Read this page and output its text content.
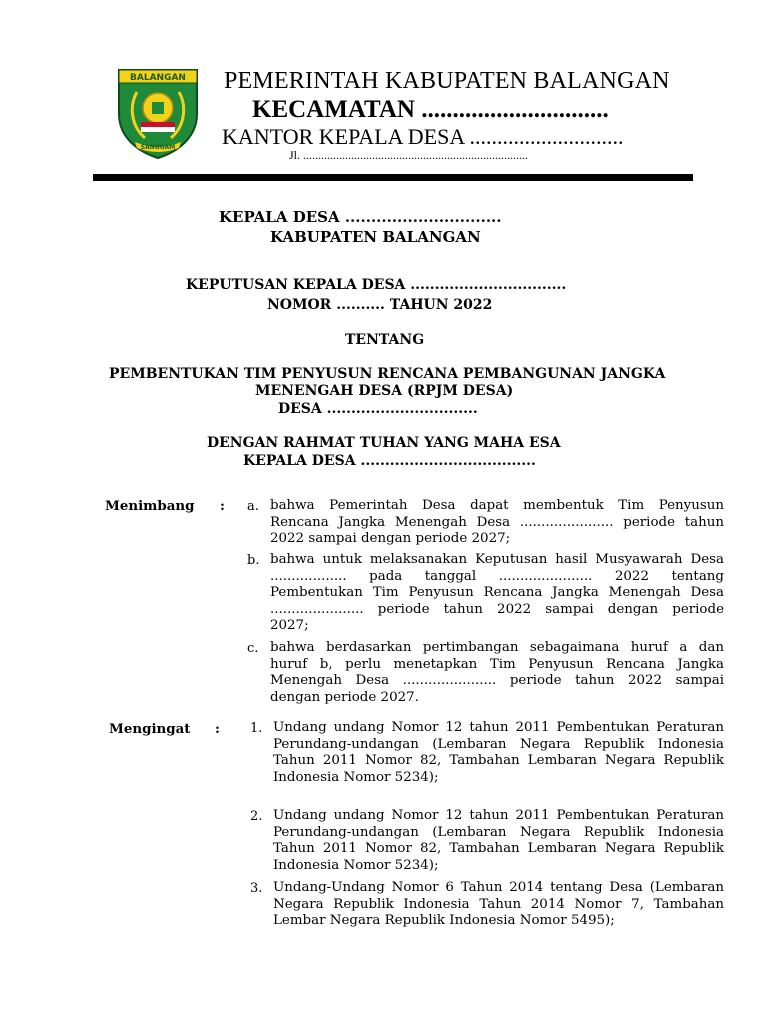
BALANGAN
SANGGAM
PEMERINTAH KABUPATEN BALANGAN
KECAMATAN ..............................
KANTOR KEPALA DESA ............................
Jl. ...........................................................................
KEPALA DESA ..............................
KABUPATEN BALANGAN
KEPUTUSAN KEPALA DESA ................................
NOMOR .......... TAHUN 2022
TENTANG
PEMBENTUKAN TIM PENYUSUN RENCANA PEMBANGUNAN JANGKA
MENENGAH DESA (RPJM DESA)
DESA ...............................
DENGAN RAHMAT TUHAN YANG MAHA ESA
KEPALA DESA ....................................
Menimbang : a. bahwa Pemerintah Desa dapat membentuk Tim Penyusun
Rencana Jangka Menengah Desa ...................... periode tahun
2022 sampai dengan periode 2027;
b. bahwa untuk melaksanakan Keputusan hasil Musyawarah Desa
.................. pada tanggal ...................... 2022 tentang
Pembentukan Tim Penyusun Rencana Jangka Menengah Desa
...................... periode tahun 2022 sampai dengan periode
2027;
c. bahwa berdasarkan pertimbangan sebagaimana huruf a dan
huruf b, perlu menetapkan Tim Penyusun Rencana Jangka
Menengah Desa ...................... periode tahun 2022 sampai
dengan periode 2027.
Mengingat : 1. Undang undang Nomor 12 tahun 2011 Pembentukan Peraturan
Perundang-undangan (Lembaran Negara Republik Indonesia
Tahun 2011 Nomor 82, Tambahan Lembaran Negara Republik
Indonesia Nomor 5234);
2. Undang undang Nomor 12 tahun 2011 Pembentukan Peraturan
Perundang-undangan (Lembaran Negara Republik Indonesia
Tahun 2011 Nomor 82, Tambahan Lembaran Negara Republik
Indonesia Nomor 5234);
3. Undang-Undang Nomor 6 Tahun 2014 tentang Desa (Lembaran
Negara Republik Indonesia Tahun 2014 Nomor 7, Tambahan
Lembar Negara Republik Indonesia Nomor 5495);
